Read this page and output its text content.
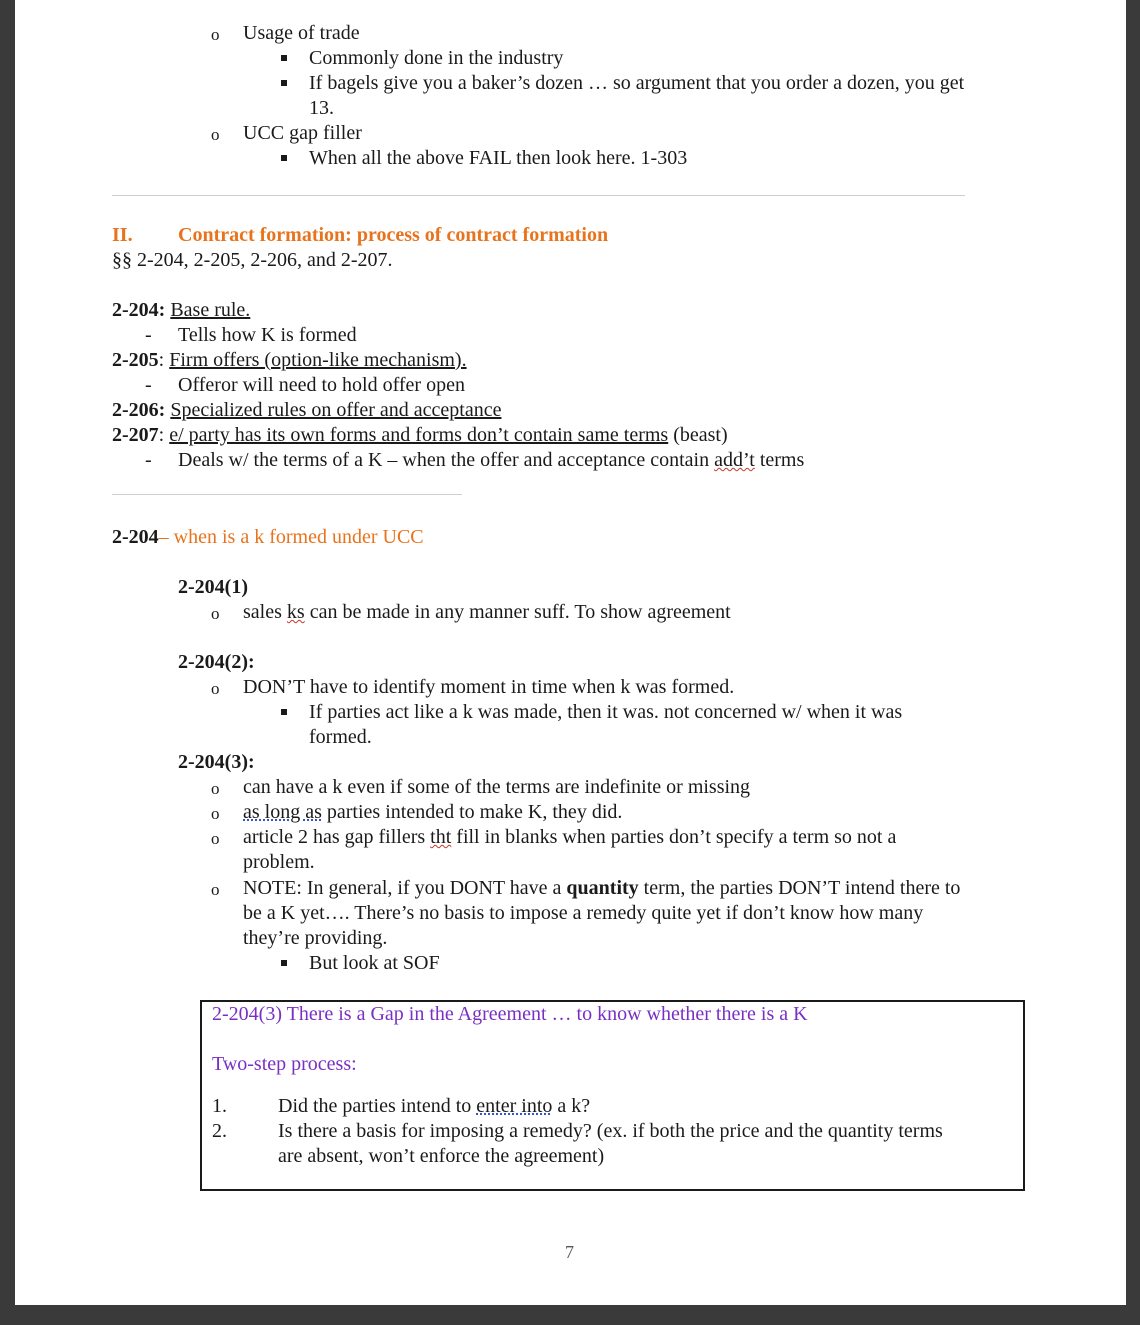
o Usage of trade
Commonly done in the industry
If bagels give you a baker’s dozen … so argument that you order a dozen, you get
13.
o UCC gap filler
When all the above FAIL then look here. 1-303
II. Contract formation: process of contract formation
§§ 2-204, 2-205, 2-206, and 2-207.
2-204: Base rule.
- Tells how K is formed
2-205: Firm offers (option-like mechanism).
- Offeror will need to hold offer open
2-206: Specialized rules on offer and acceptance
2-207: e/ party has its own forms and forms don’t contain same terms (beast)
- Deals w/ the terms of a K – when the offer and acceptance contain add’t terms
2-204– when is a k formed under UCC
2-204(1)
o sales ks can be made in any manner suff. To show agreement
2-204(2):
o DON’T have to identify moment in time when k was formed.
If parties act like a k was made, then it was. not concerned w/ when it was
formed.
2-204(3):
o can have a k even if some of the terms are indefinite or missing
o as long as parties intended to make K, they did.
o article 2 has gap fillers tht fill in blanks when parties don’t specify a term so not a
problem.
o NOTE: In general, if you DONT have a quantity term, the parties DON’T intend there to
be a K yet…. There’s no basis to impose a remedy quite yet if don’t know how many
they’re providing.
But look at SOF
2-204(3) There is a Gap in the Agreement … to know whether there is a K
Two-step process:
1.	Did the parties intend to enter into a k?
2.	Is there a basis for imposing a remedy? (ex. if both the price and the quantity terms
are absent, won’t enforce the agreement)
7
